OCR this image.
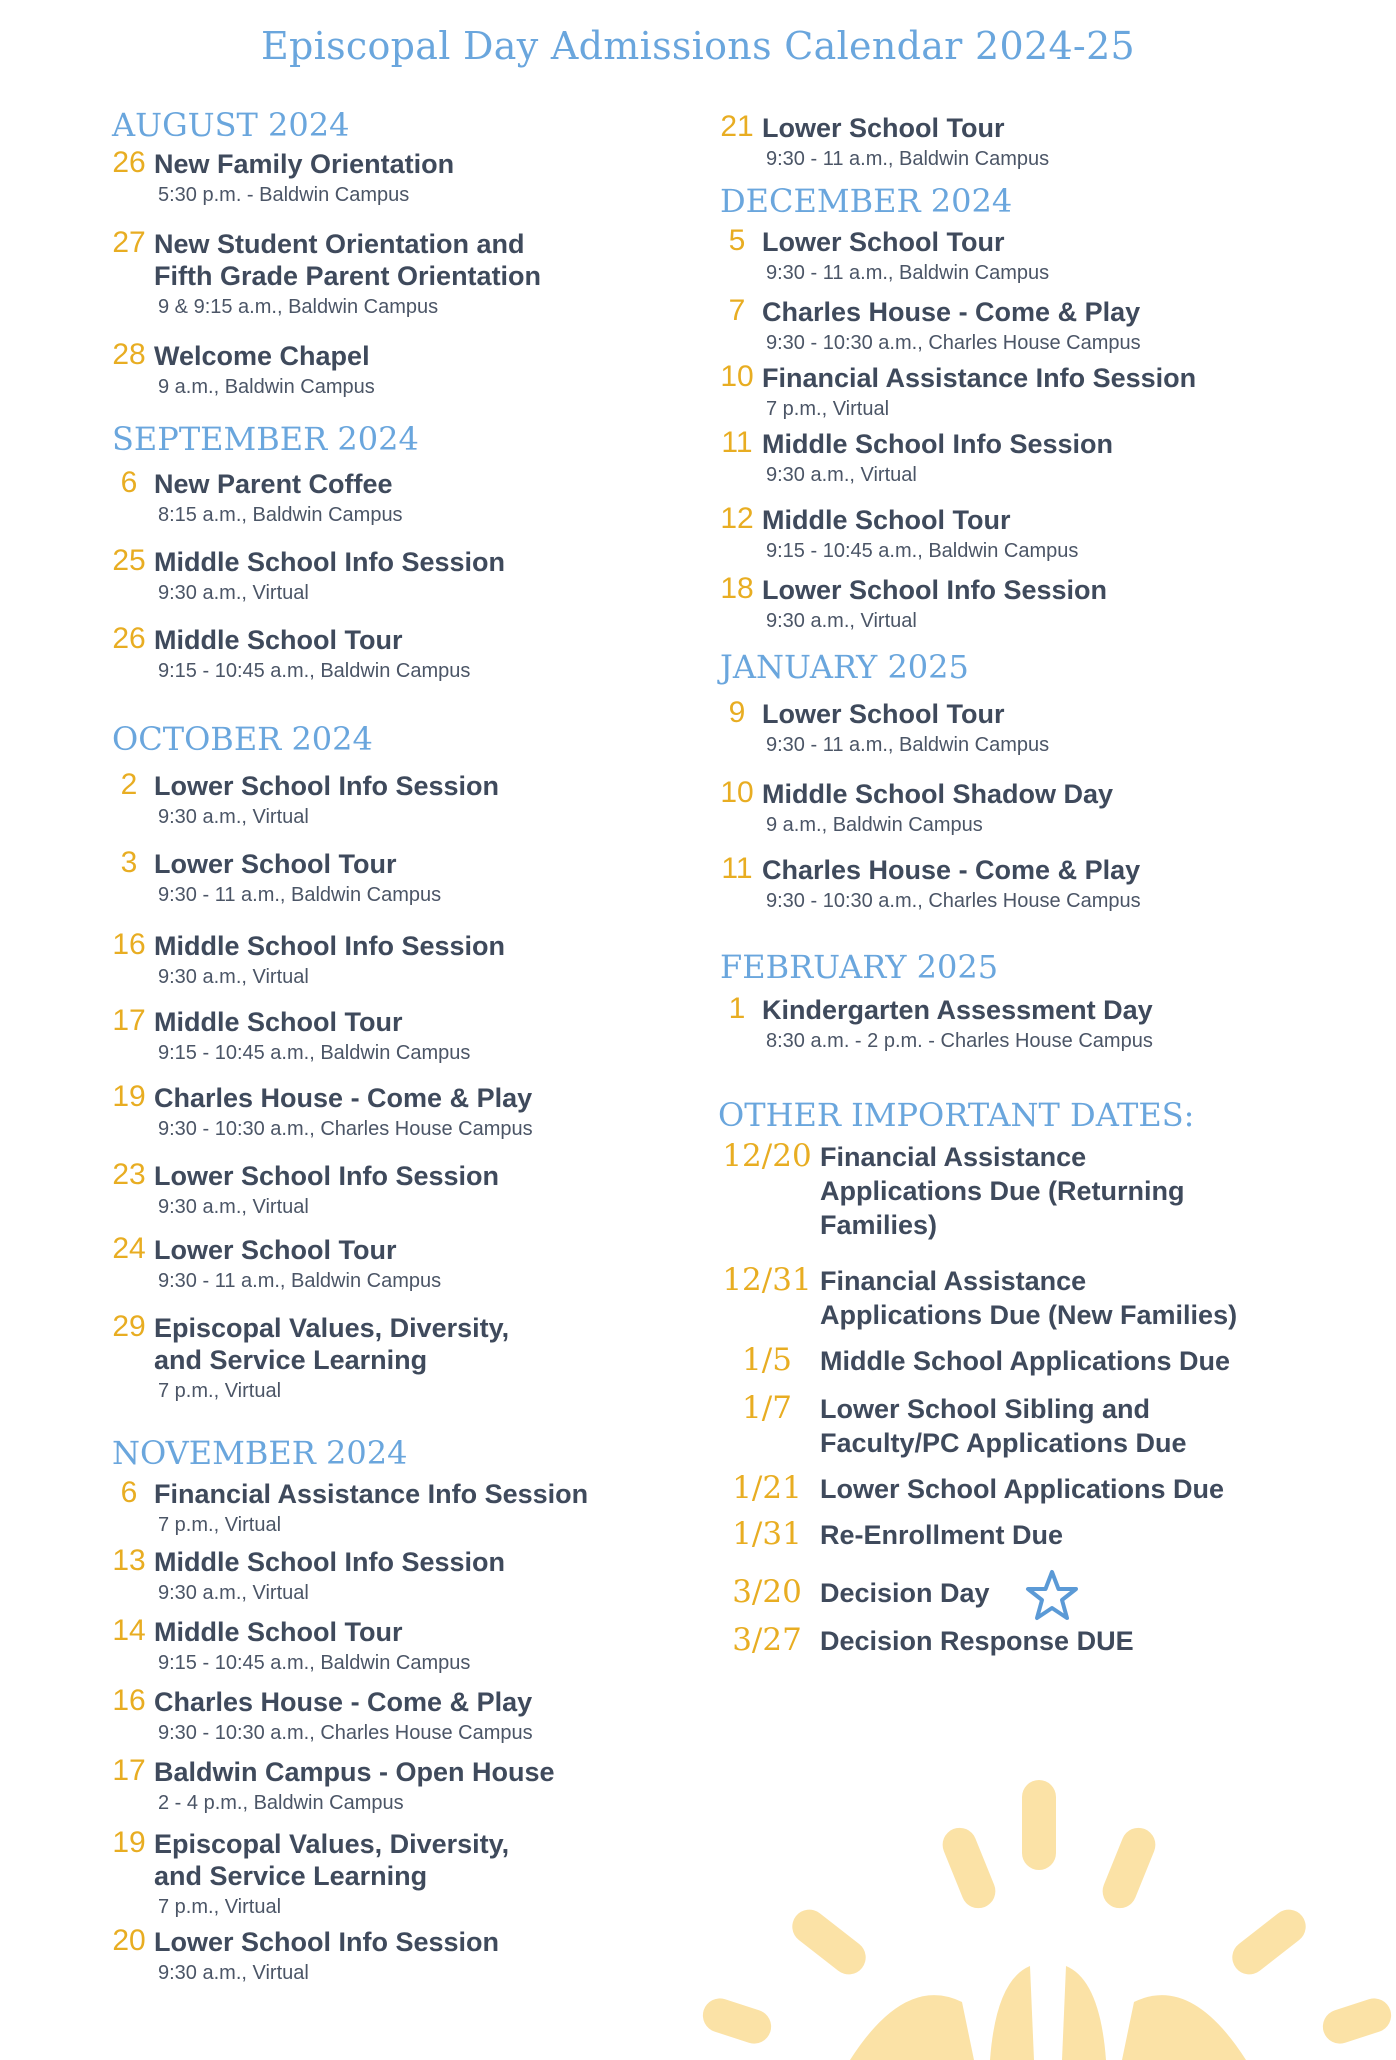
Episcopal Day Admissions Calendar 2024-25
AUGUST 2024
SEPTEMBER 2024
OCTOBER 2024
NOVEMBER 2024
26 New Family Orientation
5:30 p.m. - Baldwin Campus
27 New Student Orientation and
Fifth Grade Parent Orientation
9 & 9:15 a.m., Baldwin Campus
28 Welcome Chapel
9 a.m., Baldwin Campus
6 New Parent Coffee
8:15 a.m., Baldwin Campus
25 Middle School Info Session
9:30 a.m., Virtual
26 Middle School Tour
9:15 - 10:45 a.m., Baldwin Campus
2 Lower School Info Session
9:30 a.m., Virtual
3 Lower School Tour
9:30 - 11 a.m., Baldwin Campus
16 Middle School Info Session
9:30 a.m., Virtual
17 Middle School Tour
9:15 - 10:45 a.m., Baldwin Campus
19 Charles House - Come & Play
9:30 - 10:30 a.m., Charles House Campus
23 Lower School Info Session
9:30 a.m., Virtual
24 Lower School Tour
9:30 - 11 a.m., Baldwin Campus
29 Episcopal Values, Diversity,
and Service Learning
7 p.m., Virtual
6 Financial Assistance Info Session
7 p.m., Virtual
13 Middle School Info Session
9:30 a.m., Virtual
14 Middle School Tour
9:15 - 10:45 a.m., Baldwin Campus
16 Charles House - Come & Play
9:30 - 10:30 a.m., Charles House Campus
17 Baldwin Campus - Open House
2 - 4 p.m., Baldwin Campus
19 Episcopal Values, Diversity,
and Service Learning
7 p.m., Virtual
20 Lower School Info Session
9:30 a.m., Virtual
DECEMBER 2024
JANUARY 2025
FEBRUARY 2025
OTHER IMPORTANT DATES:
21 Lower School Tour
9:30 - 11 a.m., Baldwin Campus
5 Lower School Tour
9:30 - 11 a.m., Baldwin Campus
7 Charles House - Come & Play
9:30 - 10:30 a.m., Charles House Campus
10 Financial Assistance Info Session
7 p.m., Virtual
11 Middle School Info Session
9:30 a.m., Virtual
12 Middle School Tour
9:15 - 10:45 a.m., Baldwin Campus
18 Lower School Info Session
9:30 a.m., Virtual
9 Lower School Tour
9:30 - 11 a.m., Baldwin Campus
10 Middle School Shadow Day
9 a.m., Baldwin Campus
11 Charles House - Come & Play
9:30 - 10:30 a.m., Charles House Campus
1 Kindergarten Assessment Day
8:30 a.m. - 2 p.m. - Charles House Campus
12/20 Financial Assistance
Applications Due (Returning
Families)
12/31 Financial Assistance
Applications Due (New Families)
1/5	Middle School Applications Due
1/7	Lower School Sibling and
Faculty/PC Applications Due
1/21 Lower School Applications Due
1/31 Re-Enrollment Due
3/20 Decision Day
3/27 Decision Response DUE
